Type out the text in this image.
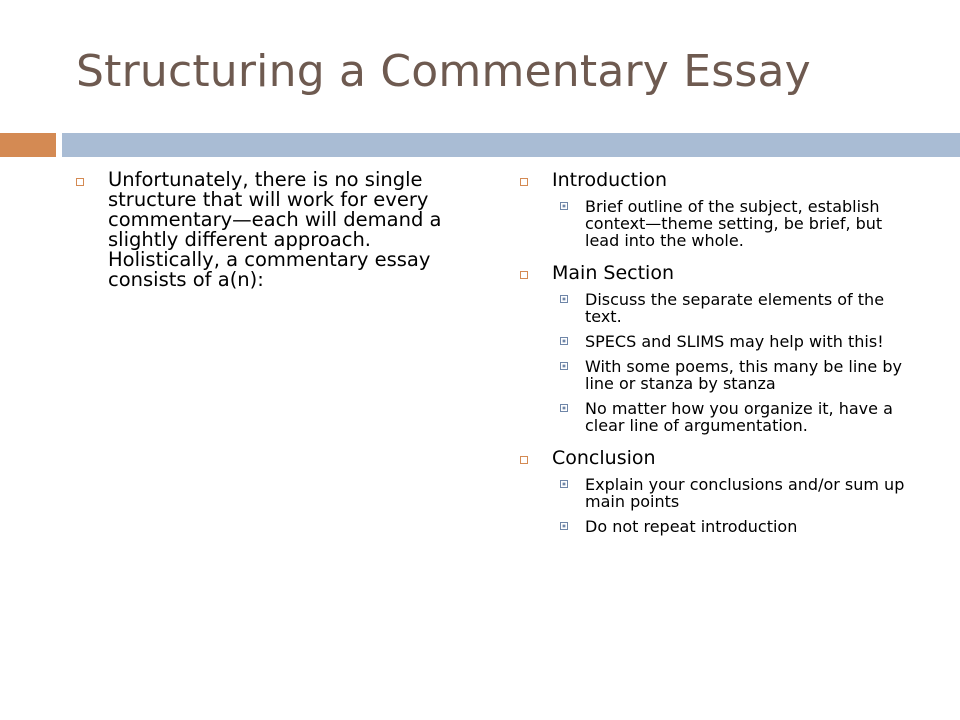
Structuring a Commentary Essay
Unfortunately, there is no single structure that will work for every commentary—each will demand a slightly different approach. Holistically, a commentary essay consists of a(n):
Introduction
Brief outline of the subject, establish context—theme setting, be brief, but lead into the whole.
Main Section
Discuss the separate elements of the text.
SPECS and SLIMS may help with this!
With some poems, this many be line by line or stanza by stanza
No matter how you organize it, have a clear line of argumentation.
Conclusion
Explain your conclusions and/or sum up main points
Do not repeat introduction
